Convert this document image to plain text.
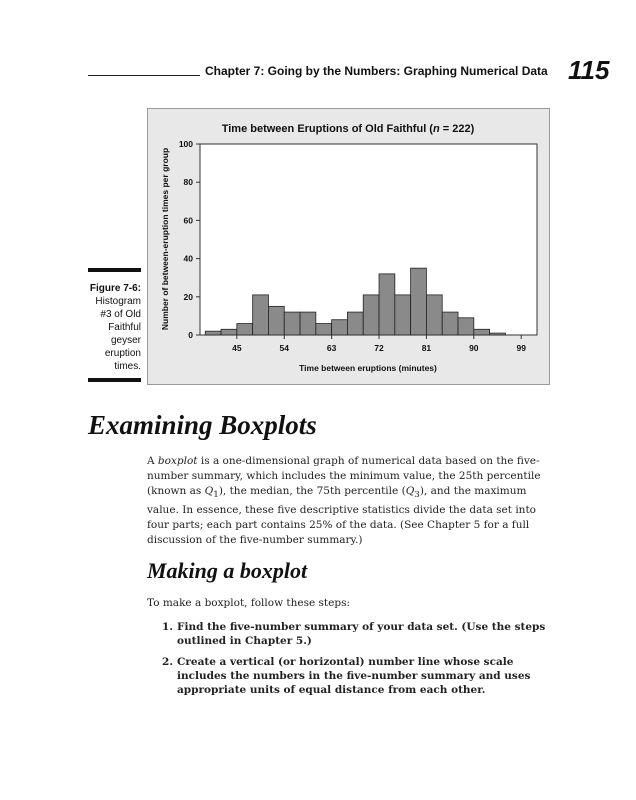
Chapter 7: Going by the Numbers: Graphing Numerical Data 115
Figure 7-6:
Histogram
#3 of Old
Faithful
geyser
eruption
times.
Time between Eruptions of Old Faithful (n = 222)
0
20
40
60
80
100
45	54	63	72	81	90	99
Number of between-eruption times per group
Time between eruptions (minutes)
Examining Boxplots
A boxplot is a one-dimensional graph of numerical data based on the five-number summary, which includes the minimum value, the 25th percentile (known as $Q_1$), the median, the 75th percentile $(Q_3)$, and the maximum value. In essence, these five descriptive statistics divide the data set into four parts; each part contains 25% of the data. (See Chapter 5 for a full discussion of the five-number summary.)
Making a boxplot
To make a boxplot, follow these steps:
1. Find the five-number summary of your data set. (Use the steps outlined in Chapter 5.)
2. Create a vertical (or horizontal) number line whose scale includes the numbers in the five-number summary and uses appropriate units of equal distance from each other.
